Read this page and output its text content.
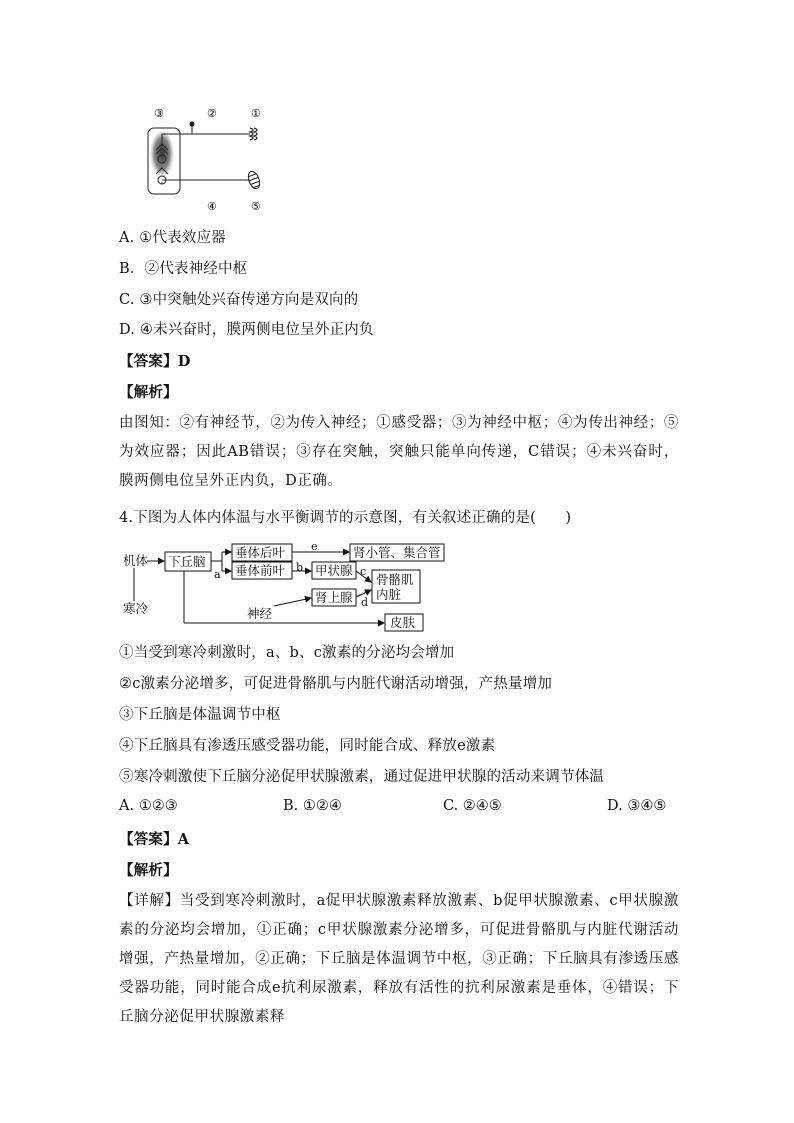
③	②	①
④	⑤
A. ①代表效应器
B．②代表神经中枢
C. ③中突触处兴奋传递方向是双向的
D. ④未兴奋时，膜两侧电位呈外正内负
【答案】D
【解析】
由图知：②有神经节，②为传入神经；①感受器；③为神经中枢；④为传出神经；⑤为效应器；因此AB错误；③存在突触，突触只能单向传递，C错误；④未兴奋时，膜两侧电位呈外正内负，D正确。
4.下图为人体内体温与水平衡调节的示意图，有关叙述正确的是(　　)
机体
寒冷
下丘脑
垂体后叶
垂体前叶
肾小管、集合管
甲状腺
骨骼肌
内脏
肾上腺
神经
皮肤
a
b	c
d
e
①当受到寒冷刺激时，a、b、c激素的分泌均会增加
②c激素分泌增多，可促进骨骼肌与内脏代谢活动增强，产热量增加
③下丘脑是体温调节中枢
④下丘脑具有渗透压感受器功能，同时能合成、释放e激素
⑤寒冷刺激使下丘脑分泌促甲状腺激素，通过促进甲状腺的活动来调节体温
A. ①②③	B. ①②④	C. ②④⑤	D. ③④⑤
【答案】A
【解析】
【详解】当受到寒冷刺激时，a促甲状腺激素释放激素、b促甲状腺激素、c甲状腺激素的分泌均会增加，①正确；c甲状腺激素分泌增多，可促进骨骼肌与内脏代谢活动增强，产热量增加，②正确；下丘脑是体温调节中枢，③正确；下丘脑具有渗透压感受器功能，同时能合成e抗利尿激素，释放有活性的抗利尿激素是垂体，④错误；下丘脑分泌促甲状腺激素释
